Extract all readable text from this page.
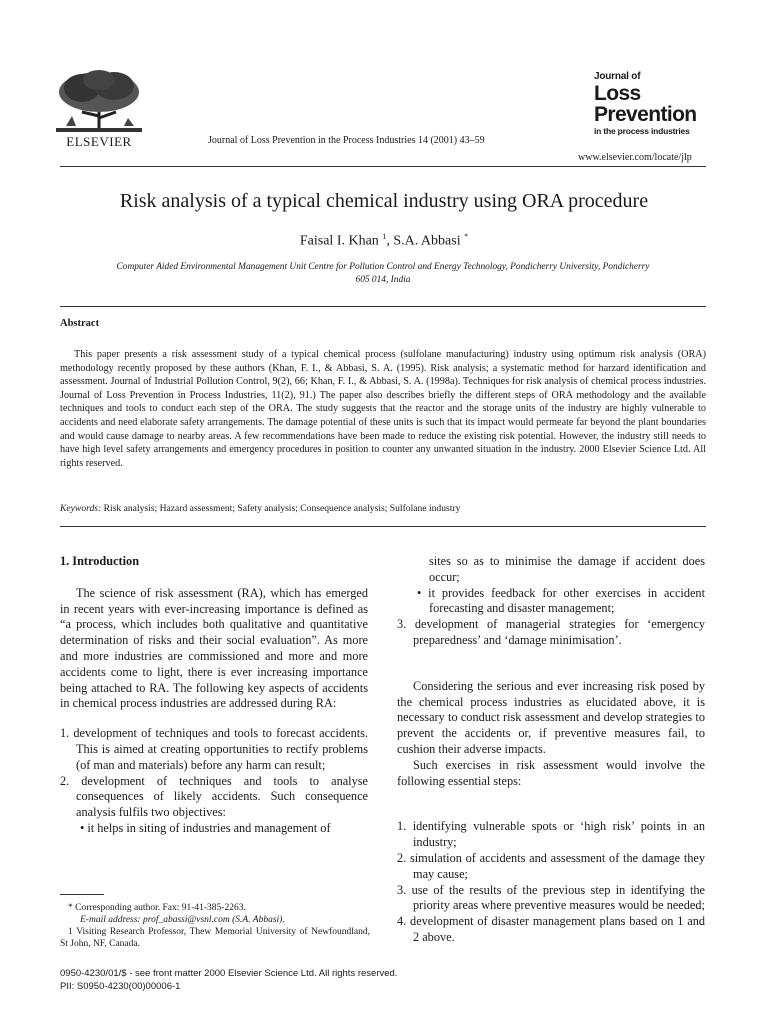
ELSEVIER	Journal of Loss Prevention in the Process Industries 14 (2001) 43–59
Journal of
Loss
Prevention
in the process industries
www.elsevier.com/locate/jlp
Risk analysis of a typical chemical industry using ORA procedure
Faisal I. Khan $^1$, S.A. Abbasi *
Computer Aided Environmental Management Unit Centre for Pollution Control and Energy Technology, Pondicherry University, Pondicherry
605 014, India
Abstract
This paper presents a risk assessment study of a typical chemical process (sulfolane manufacturing) industry using optimum risk analysis (ORA) methodology recently proposed by these authors (Khan, F. I., & Abbasi, S. A. (1995). Risk analysis; a systematic method for harzard identification and assessment. Journal of Industrial Pollution Control, 9(2), 66; Khan, F. I., & Abbasi, S. A. (1998a). Techniques for risk analysis of chemical process industries. Journal of Loss Prevention in Process Industries, 11(2), 91.) The paper also describes briefly the different steps of ORA methodology and the available techniques and tools to conduct each step of the ORA. The study suggests that the reactor and the storage units of the industry are highly vulnerable to accidents and need elaborate safety arrangements. The damage potential of these units is such that its impact would permeate far beyond the plant boundaries and would cause damage to nearby areas. A few recommendations have been made to reduce the existing risk potential. However, the industry still needs to have high level safety arrangements and emergency procedures in position to counter any unwanted situation in the industry. 2000 Elsevier Science Ltd. All rights reserved.
Keywords: Risk analysis; Hazard assessment; Safety analysis; Consequence analysis; Sulfolane industry
1. Introduction

The science of risk assessment (RA), which has emerged in recent years with ever-increasing importance is defined as “a process, which includes both qualitative and quantitative determination of risks and their social evaluation”. As more and more industries are commissioned and more and more accidents come to light, there is ever increasing importance being attached to RA. The following key aspects of accidents in chemical process industries are addressed during RA:

1. development of techniques and tools to forecast accidents. This is aimed at creating opportunities to rectify problems (of man and materials) before any harm can result;
2. development of techniques and tools to analyse consequences of likely accidents. Such consequence analysis fulfils two objectives:
• it helps in siting of industries and management of
sites so as to minimise the damage if accident does occur;
• it provides feedback for other exercises in accident forecasting and disaster management;
3. development of managerial strategies for ‘emergency preparedness’ and ‘damage minimisation’.

Considering the serious and ever increasing risk posed by the chemical process industries as elucidated above, it is necessary to conduct risk assessment and develop strategies to prevent the accidents or, if preventive measures fail, to cushion their adverse impacts.

Such exercises in risk assessment would involve the following essential steps:

1. identifying vulnerable spots or ‘high risk’ points in an industry;
2. simulation of accidents and assessment of the damage they may cause;
3. use of the results of the previous step in identifying the priority areas where preventive measures would be needed;
4. development of disaster management plans based on 1 and 2 above.
* Corresponding author. Fax: 91-41-385-2263.
E-mail address: prof_abassi@vsnl.com (S.A. Abbasi).
1 Visiting Research Professor, Thew Memorial University of Newfoundland, St John, NF, Canada.
0950-4230/01/$ - see front matter 2000 Elsevier Science Ltd. All rights reserved.
PII: S0950-4230(00)00006-1
